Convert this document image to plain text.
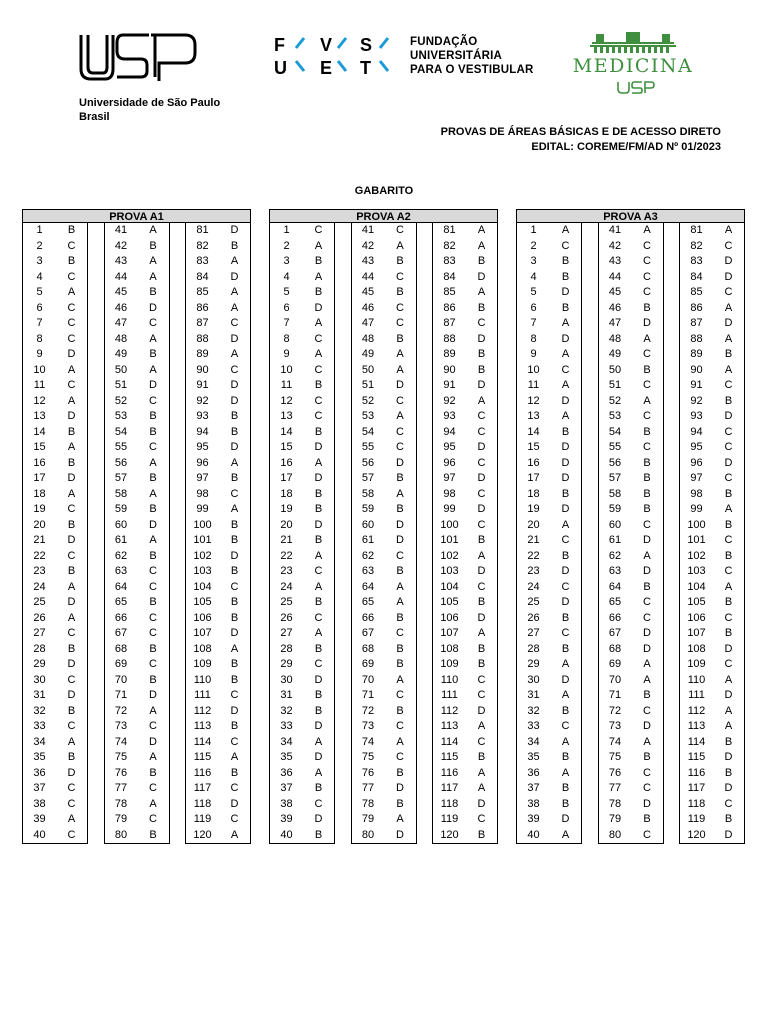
Universidade de São Paulo
Brasil
F V S
U E T
FUNDAÇÃO
UNIVERSITÁRIA
PARA O VESTIBULAR MEDICINA
PROVAS DE ÁREAS BÁSICAS E DE ACESSO DIRETO
EDITAL: COREME/FM/AD Nº 01/2023
GABARITO
PROVA A1
1	B
2	C
3	B
4	C
5	A
6	C
7	C
8	C
9	D
10	A
11	C
12	A
13	D
14	B
15	A
16	B
17	D
18	A
19	C
20	B
21	D
22	C
23	B
24	A
25	D
26	A
27	C
28	B
29	D
30	C
31	D
32	B
33	C
34	A
35	B
36	D
37	C
38	C
39	A
40	C
41	A
42	B
43	A
44	A
45	B
46	D
47	C
48	A
49	B
50	A
51	D
52	C
53	B
54	B
55	C
56	A
57	B
58	A
59	B
60	D
61	A
62	B
63	C
64	C
65	B
66	C
67	C
68	B
69	C
70	B
71	D
72	A
73	C
74	D
75	A
76	B
77	C
78	A
79	C
80	B
81	D
82	B
83	A
84	D
85	A
86	A
87	C
88	D
89	A
90	C
91	D
92	D
93	B
94	B
95	D
96	A
97	B
98	C
99	A
100	B
101	B
102	D
103	B
104	C
105	B
106	B
107	D
108	A
109	B
110	B
111	C
112	D
113	B
114	C
115	A
116	B
117	C
118	D
119	C
120	A
PROVA A2
1	C
2	A
3	B
4	A
5	B
6	D
7	A
8	C
9	A
10	C
11	B
12	C
13	C
14	B
15	D
16	A
17	D
18	B
19	B
20	D
21	B
22	A
23	C
24	A
25	B
26	C
27	A
28	B
29	C
30	D
31	B
32	B
33	D
34	A
35	D
36	A
37	B
38	C
39	D
40	B
41	C
42	A
43	B
44	C
45	B
46	C
47	C
48	B
49	A
50	A
51	D
52	C
53	A
54	C
55	C
56	D
57	B
58	A
59	B
60	D
61	D
62	C
63	B
64	A
65	A
66	B
67	C
68	B
69	B
70	A
71	C
72	B
73	C
74	A
75	C
76	B
77	D
78	B
79	A
80	D
81	A
82	A
83	B
84	D
85	A
86	B
87	C
88	D
89	B
90	B
91	D
92	A
93	C
94	C
95	D
96	C
97	D
98	C
99	D
100	C
101	B
102	A
103	D
104	C
105	B
106	D
107	A
108	B
109	B
110	C
111	C
112	D
113	A
114	C
115	B
116	A
117	A
118	D
119	C
120	B
PROVA A3
1	A
2	C
3	B
4	B
5	D
6	B
7	A
8	D
9	A
10	C
11	A
12	D
13	A
14	B
15	D
16	D
17	D
18	B
19	D
20	A
21	C
22	B
23	D
24	C
25	D
26	B
27	C
28	B
29	A
30	D
31	A
32	B
33	C
34	A
35	B
36	A
37	B
38	B
39	D
40	A
41	A
42	C
43	C
44	C
45	C
46	B
47	D
48	A
49	C
50	B
51	C
52	A
53	C
54	B
55	C
56	B
57	B
58	B
59	B
60	C
61	D
62	A
63	D
64	B
65	C
66	C
67	D
68	D
69	A
70	A
71	B
72	C
73	D
74	A
75	B
76	C
77	C
78	D
79	B
80	C
81	A
82	C
83	D
84	D
85	C
86	A
87	D
88	A
89	B
90	A
91	C
92	B
93	D
94	C
95	C
96	D
97	C
98	B
99	A
100	B
101	C
102	B
103	C
104	A
105	B
106	C
107	B
108	D
109	C
110	A
111	D
112	A
113	A
114	B
115	D
116	B
117	D
118	C
119	B
120	D
